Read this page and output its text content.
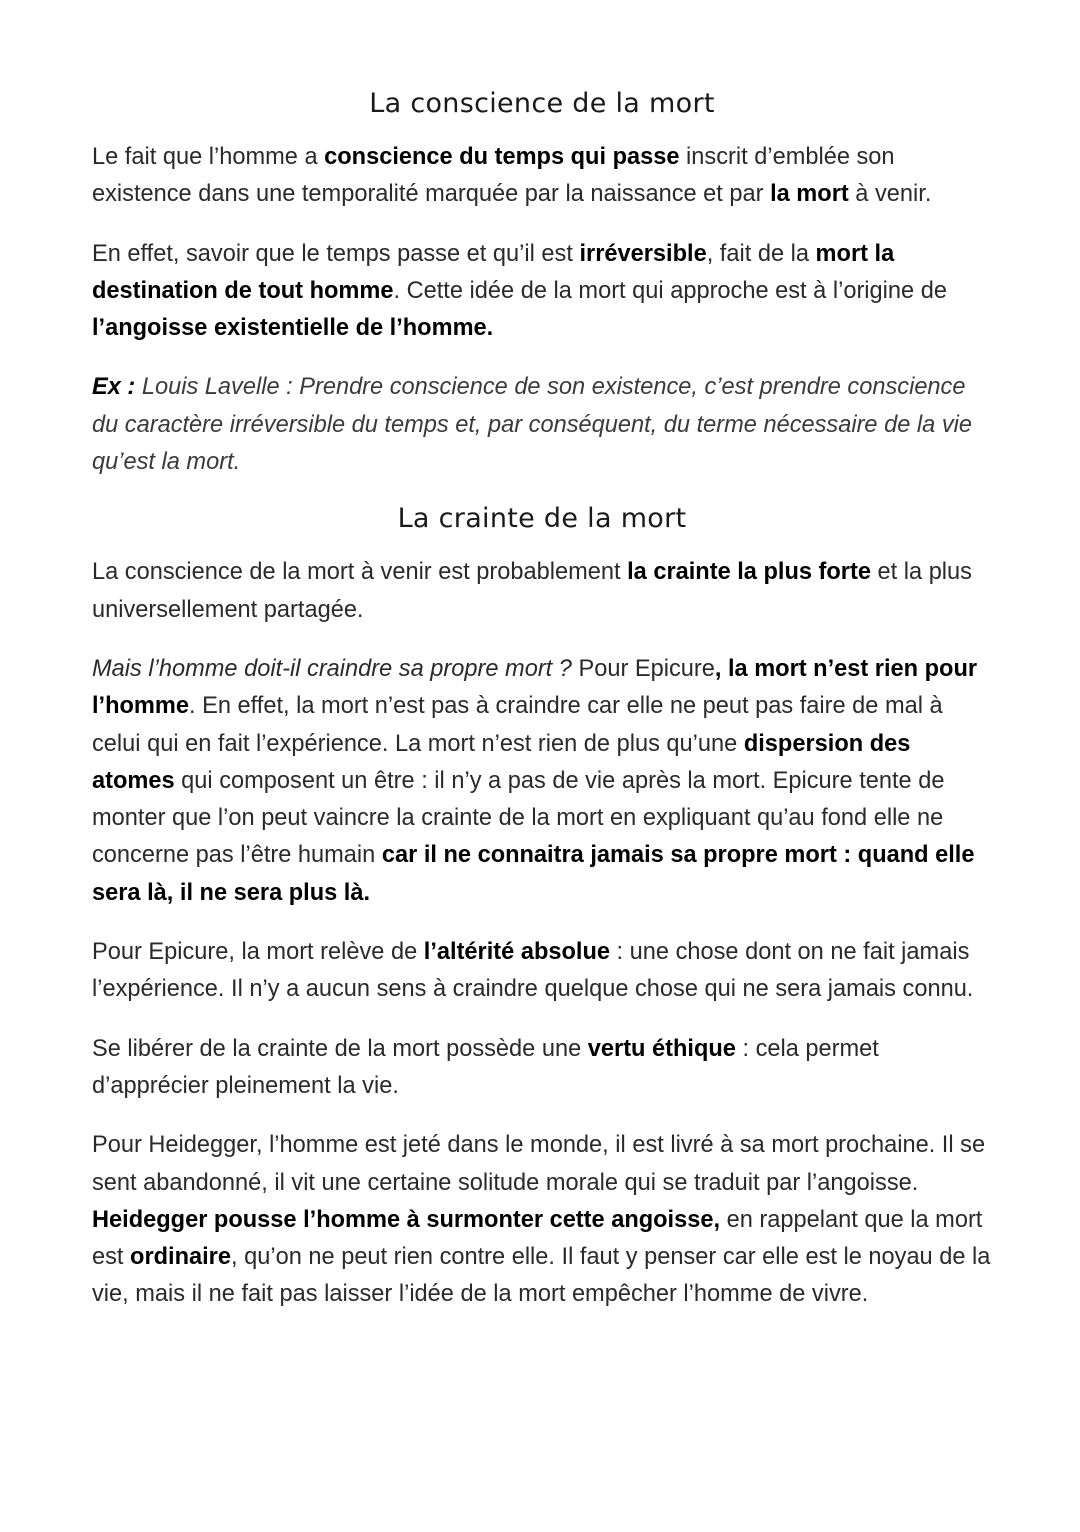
La conscience de la mort

Le fait que l’homme a conscience du temps qui passe inscrit d’emblée son existence dans une temporalité marquée par la naissance et par la mort à venir.

En effet, savoir que le temps passe et qu’il est irréversible, fait de la mort la destination de tout homme. Cette idée de la mort qui approche est à l’origine de l’angoisse existentielle de l’homme.

Ex : Louis Lavelle : Prendre conscience de son existence, c’est prendre conscience du caractère irréversible du temps et, par conséquent, du terme nécessaire de la vie qu’est la mort.

La crainte de la mort

La conscience de la mort à venir est probablement la crainte la plus forte et la plus universellement partagée.

Mais l’homme doit-il craindre sa propre mort ? Pour Epicure, la mort n’est rien pour l’homme. En effet, la mort n’est pas à craindre car elle ne peut pas faire de mal à celui qui en fait l’expérience. La mort n’est rien de plus qu’une dispersion des atomes qui composent un être : il n’y a pas de vie après la mort. Epicure tente de monter que l’on peut vaincre la crainte de la mort en expliquant qu’au fond elle ne concerne pas l’être humain car il ne connaitra jamais sa propre mort : quand elle sera là, il ne sera plus là.

Pour Epicure, la mort relève de l’altérité absolue : une chose dont on ne fait jamais l’expérience. Il n’y a aucun sens à craindre quelque chose qui ne sera jamais connu.

Se libérer de la crainte de la mort possède une vertu éthique : cela permet d’apprécier pleinement la vie.

Pour Heidegger, l’homme est jeté dans le monde, il est livré à sa mort prochaine. Il se sent abandonné, il vit une certaine solitude morale qui se traduit par l’angoisse. Heidegger pousse l’homme à surmonter cette angoisse, en rappelant que la mort est ordinaire, qu’on ne peut rien contre elle. Il faut y penser car elle est le noyau de la vie, mais il ne fait pas laisser l’idée de la mort empêcher l’homme de vivre.
